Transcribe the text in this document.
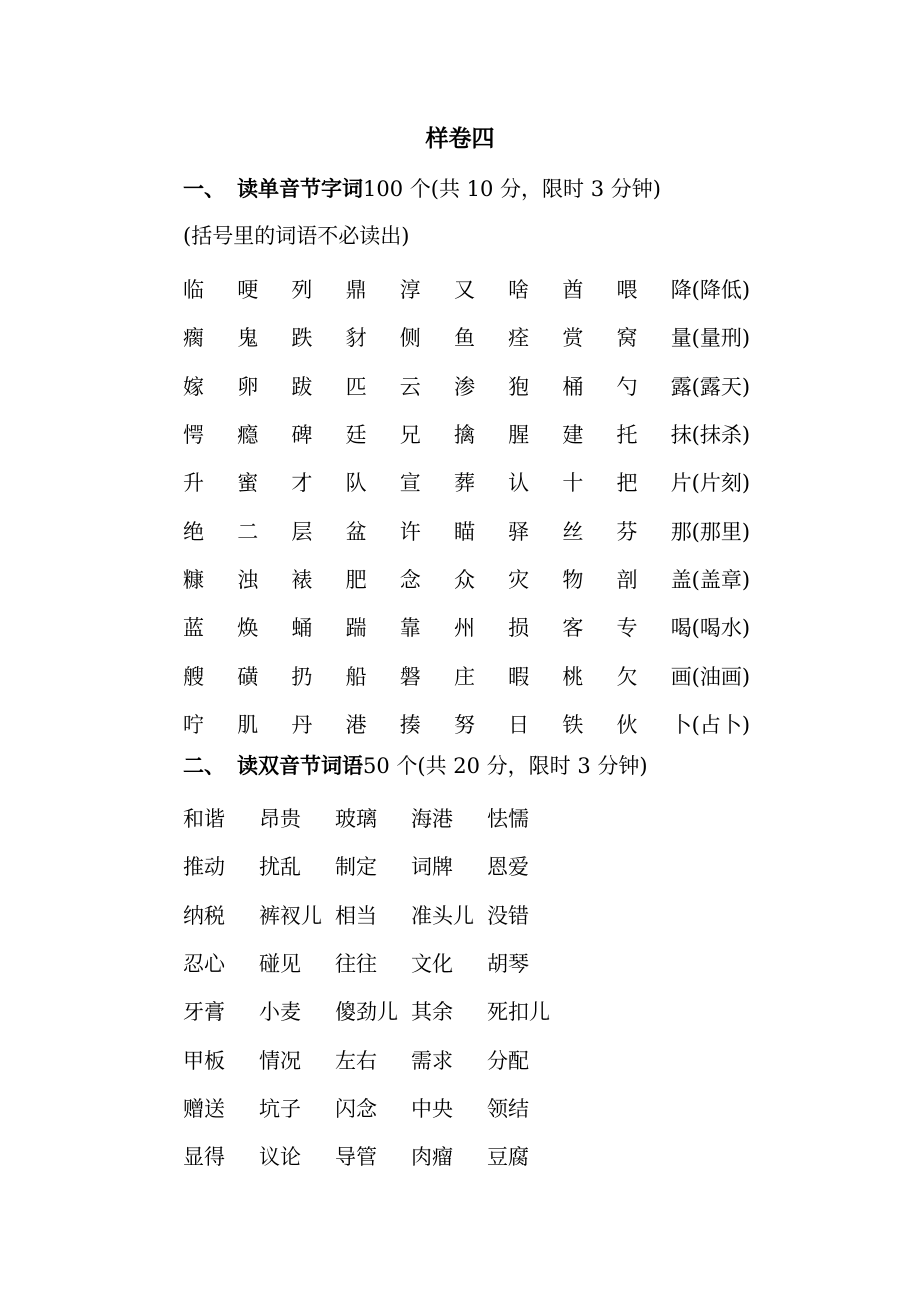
样卷四
一、 读单音节字词100 个(共 10 分，限时 3 分钟)
(括号里的词语不必读出)
临	哽	列	鼎	淳	又	啥	酋	喂	降(降低)
瘸	鬼	跌	豺	侧	鱼	痊	赏	窝	量(量刑)
嫁	卵	跋	匹	云	渗	狍	桶	勺	露(露天)
愕	瘾	碑	廷	兄	擒	腥	建	托	抹(抹杀)
升	蜜	才	队	宣	葬	认	十	把	片(片刻)
绝	二	层	盆	许	瞄	驿	丝	芬	那(那里)
糠	浊	裱	肥	念	众	灾	物	剖	盖(盖章)
蓝	焕	蛹	踹	靠	州	损	客	专	喝(喝水)
艘	磺	扔	船	磐	庄	暇	桃	欠	画(油画)
咛	肌	丹	港	揍	努	日	铁	伙	卜(占卜)
二、 读双音节词语50 个(共 20 分，限时 3 分钟)
和谐	昂贵	玻璃	海港	怯懦
推动	扰乱	制定	词牌	恩爱
纳税	裤衩儿 相当	准头儿 没错
忍心	碰见	往往	文化	胡琴
牙膏	小麦	傻劲儿 其余	死扣儿
甲板	情况	左右	需求	分配
赠送	坑子	闪念	中央	领结
显得	议论	导管	肉瘤	豆腐
